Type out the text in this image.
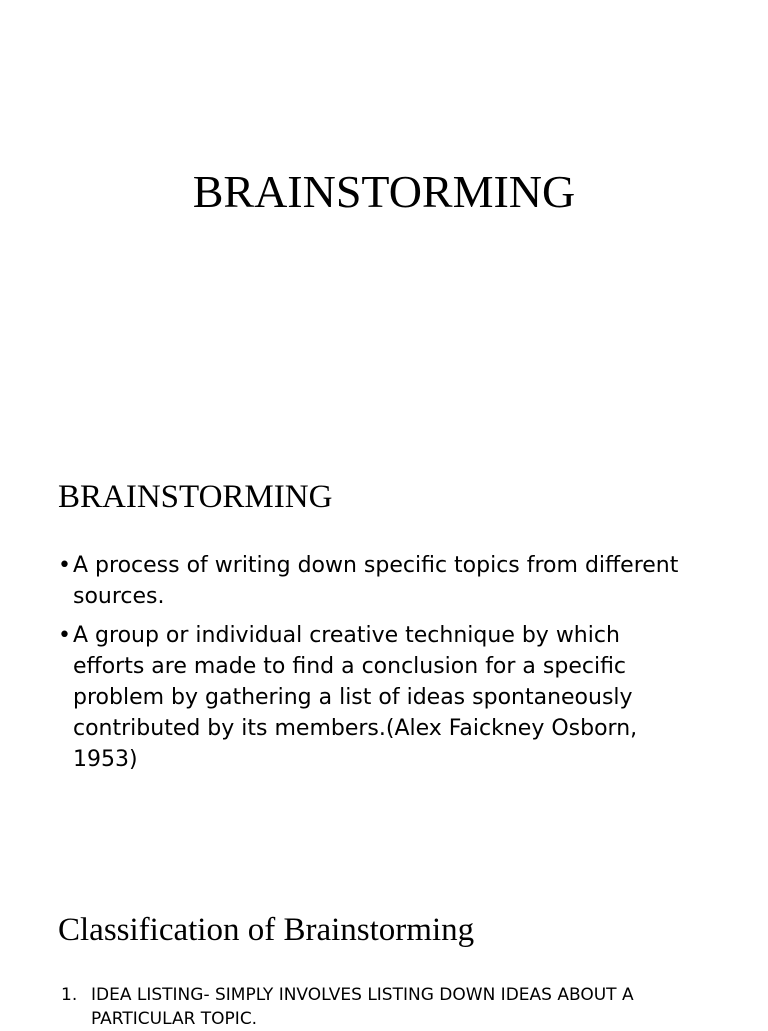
BRAINSTORMING
BRAINSTORMING
• A process of writing down specific topics from different sources.
• A group or individual creative technique by which efforts are made to find a conclusion for a specific problem by gathering a list of ideas spontaneously contributed by its members.(Alex Faickney Osborn, 1953)
Classification of Brainstorming
1. IDEA LISTING- SIMPLY INVOLVES LISTING DOWN IDEAS ABOUT A PARTICULAR TOPIC.
